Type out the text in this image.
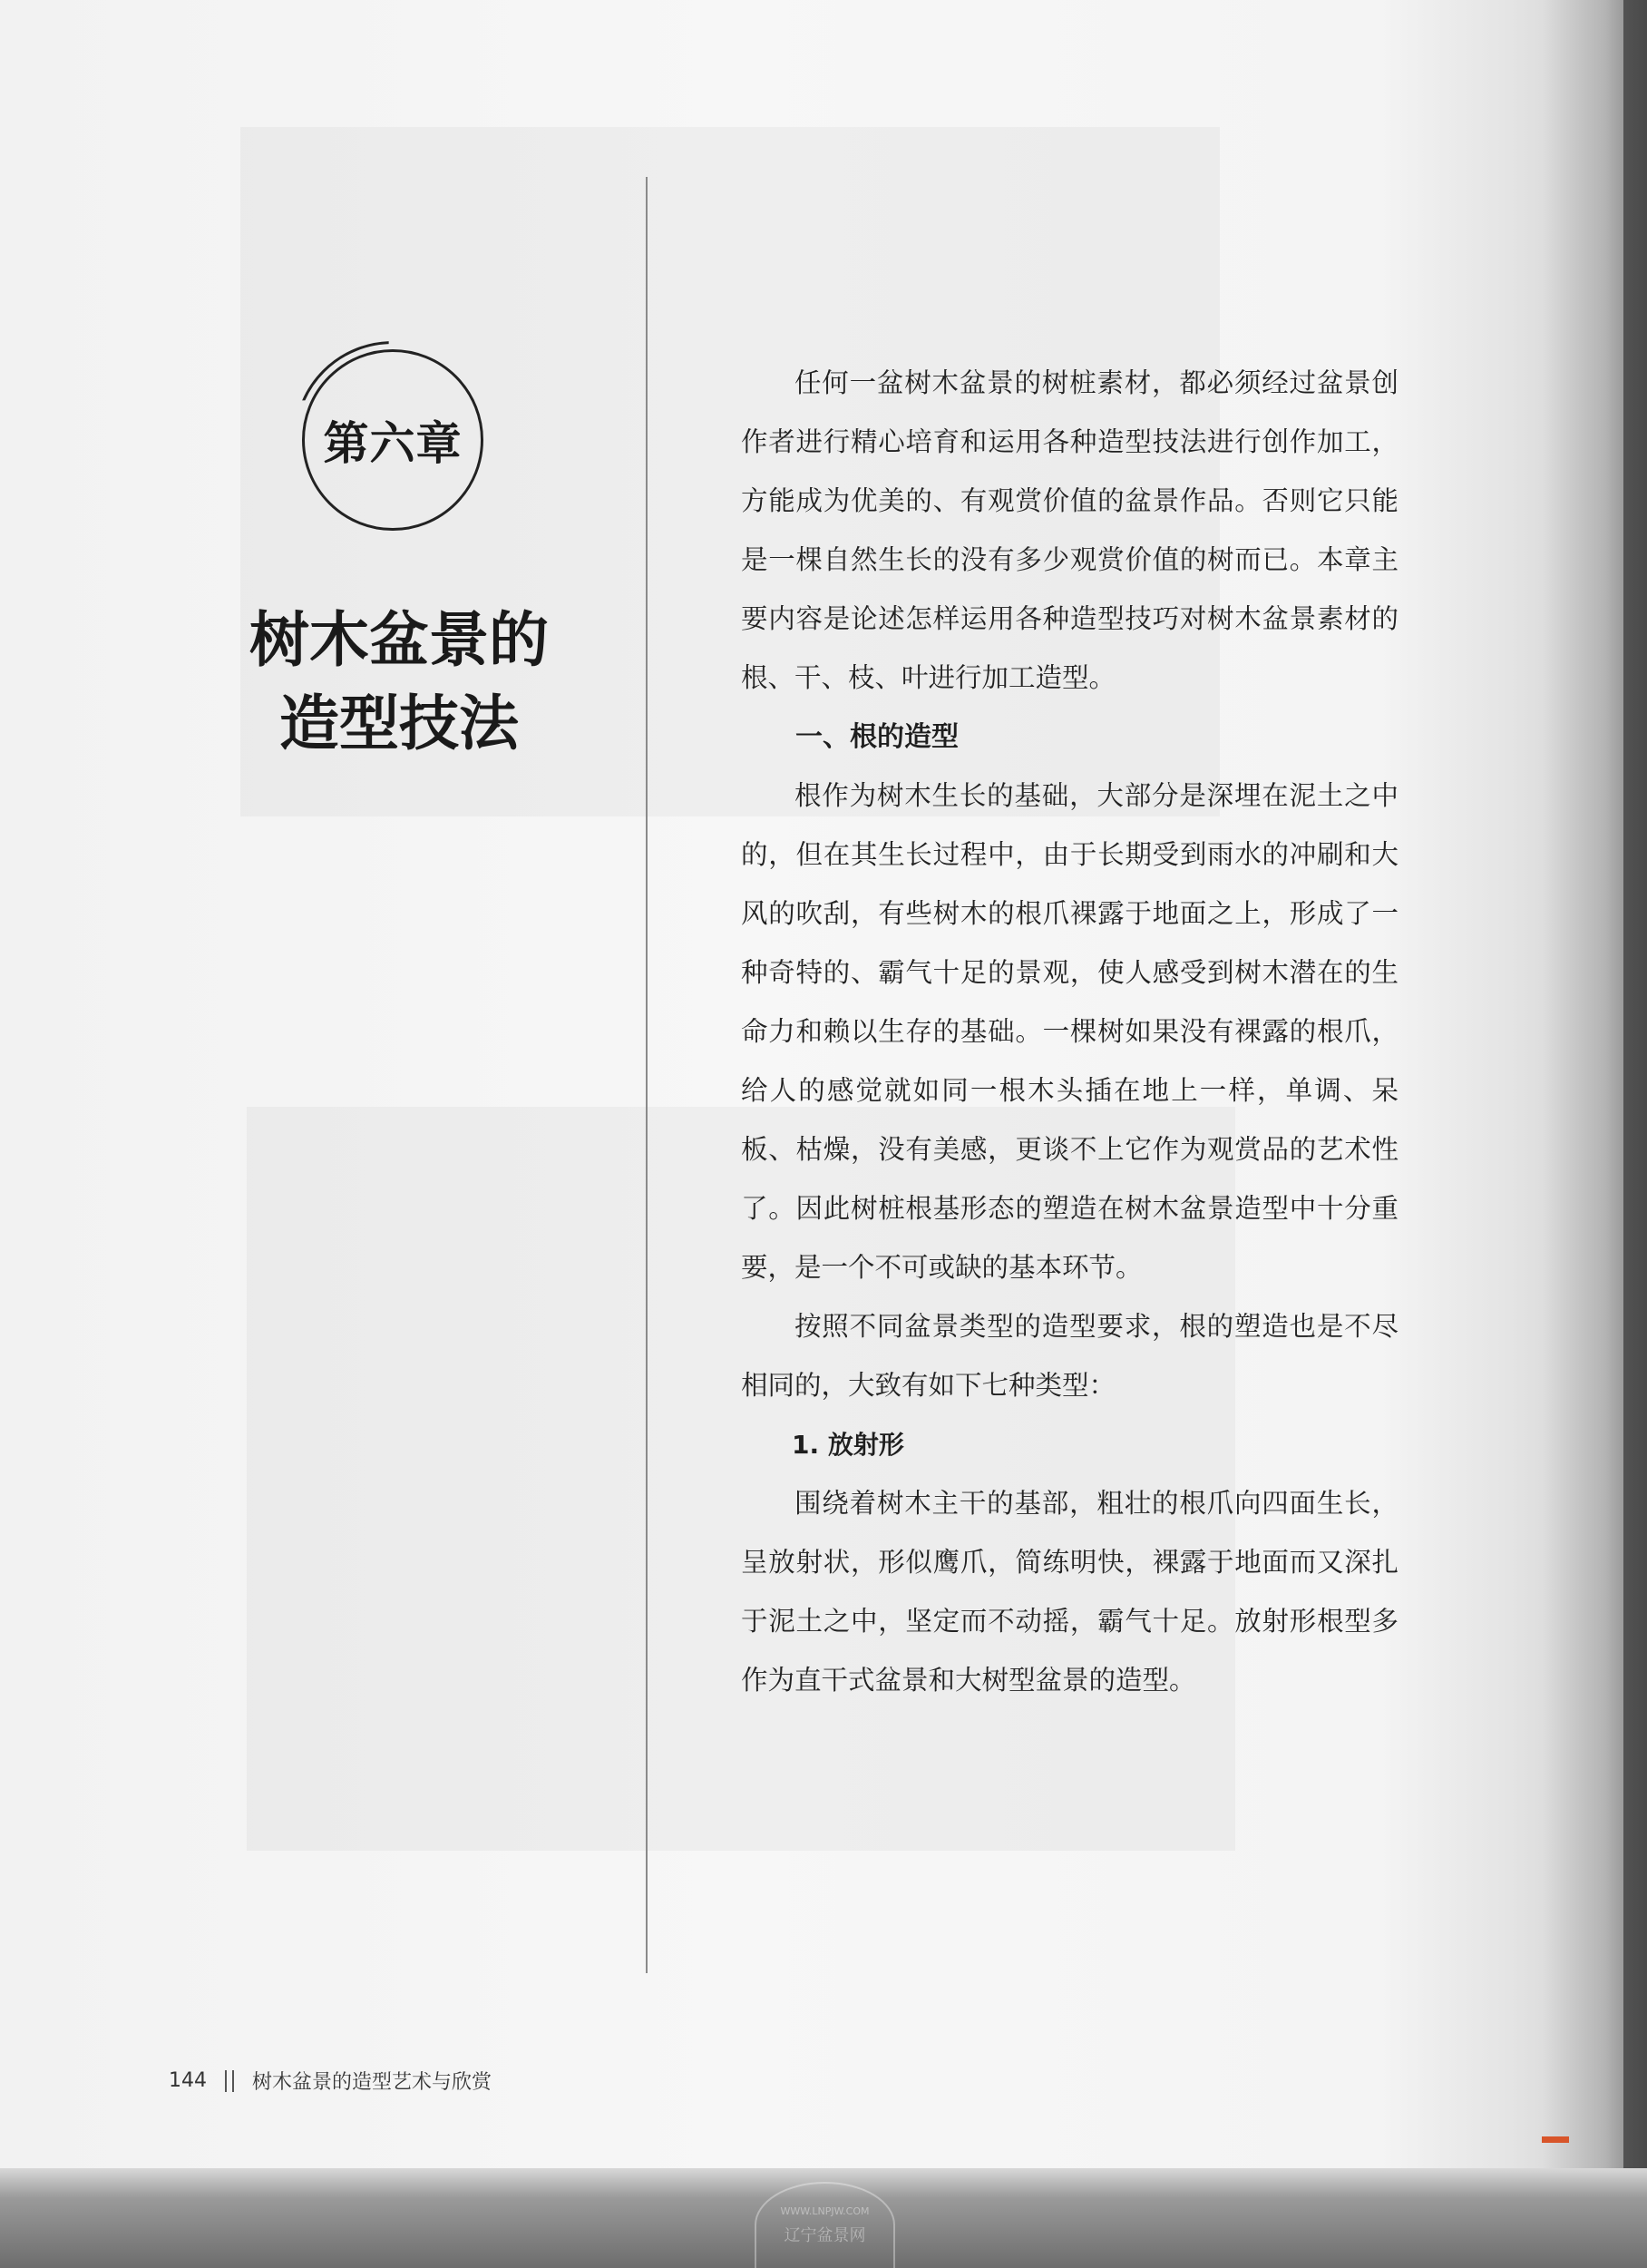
第六章
树木盆景的
造型技法

任何一盆树木盆景的树桩素材，都必须经过盆景创作者进行精心培育和运用各种造型技法进行创作加工，方能成为优美的、有观赏价值的盆景作品。否则它只能是一棵自然生长的没有多少观赏价值的树而已。本章主要内容是论述怎样运用各种造型技巧对树木盆景素材的根、干、枝、叶进行加工造型。

一、根的造型

根作为树木生长的基础，大部分是深埋在泥土之中的，但在其生长过程中，由于长期受到雨水的冲刷和大风的吹刮，有些树木的根爪裸露于地面之上，形成了一种奇特的、霸气十足的景观，使人感受到树木潜在的生命力和赖以生存的基础。一棵树如果没有裸露的根爪，给人的感觉就如同一根木头插在地上一样，单调、呆板、枯燥，没有美感，更谈不上它作为观赏品的艺术性了。因此树桩根基形态的塑造在树木盆景造型中十分重要，是一个不可或缺的基本环节。

按照不同盆景类型的造型要求，根的塑造也是不尽相同的，大致有如下七种类型：

1. 放射形

围绕着树木主干的基部，粗壮的根爪向四面生长，呈放射状，形似鹰爪，简练明快，裸露于地面而又深扎于泥土之中，坚定而不动摇，霸气十足。放射形根型多作为直干式盆景和大树型盆景的造型。

144 树木盆景的造型艺术与欣赏
WWW.LNPJW.COM
辽宁盆景网
